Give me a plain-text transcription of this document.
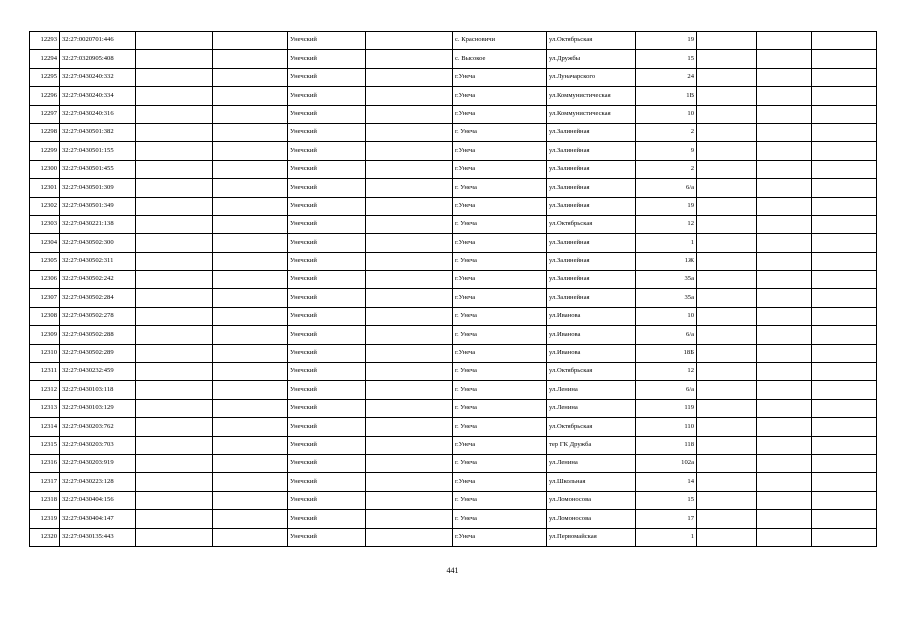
12293	32:27:0020701:446			Унечский		с. Красновичи	ул.Октябрьская	19			
12294	32:27:0320905:408			Унечский		с. Высокое	ул.Дружбы	15			
12295	32:27:0430240:332			Унечский		г.Унеча	ул.Луначарского	24			
12296	32:27:0430240:334			Унечский		г.Унеча	ул.Коммунистическая	1В			
12297	32:27:0430240:316			Унечский		г.Унеча	ул.Коммунистическая	10			
12298	32:27:0430501:382			Унечский		г. Унеча	ул.Залинейная	2			
12299	32:27:0430501:155			Унечский		г.Унеча	ул.Залинейная	9			
12300	32:27:0430501:455			Унечский		г.Унеча	ул.Залинейная	2			
12301	32:27:0430501:309			Унечский		г. Унеча	ул.Залинейная	6/а			
12302	32:27:0430501:349			Унечский		г.Унеча	ул.Залинейная	19			
12303	32:27:0430221:138			Унечский		г. Унеча	ул.Октябрьская	12			
12304	32:27:0430502:300			Унечский		г.Унеча	ул.Залинейная	1			
12305	32:27:0430502:311			Унечский		г. Унеча	ул.Залинейная	1Ж			
12306	32:27:0430502:242			Унечский		г.Унеча	ул.Залинейная	35а			
12307	32:27:0430502:284			Унечский		г.Унеча	ул.Залинейная	35а			
12308	32:27:0430502:278			Унечский		г. Унеча	ул.Иванова	10			
12309	32:27:0430502:288			Унечский		г. Унеча	ул.Иванова	6/а			
12310	32:27:0430502:289			Унечский		г.Унеча	ул.Иванова	18Б			
12311	32:27:0430232:459			Унечский		г. Унеча	ул.Октябрьская	12			
12312	32:27:0430103:118			Унечский		г. Унеча	ул.Ленина	6/а			
12313	32:27:0430103:129			Унечский		г. Унеча	ул.Ленина	119			
12314	32:27:0430203:762			Унечский		г. Унеча	ул.Октябрьская	110			
12315	32:27:0430203:703			Унечский		г.Унеча	тер ГК Дружба	118			
12316	32:27:0430203:919			Унечский		г. Унеча	ул.Ленина	102а			
12317	32:27:0430223:128			Унечский		г.Унеча	ул.Школьная	14			
12318	32:27:0430404:156			Унечский		г. Унеча	ул.Ломоносова	15			
12319	32:27:0430404:147			Унечский		г. Унеча	ул.Ломоносова	17			
12320	32:27:0430135:443			Унечский		г.Унеча	ул.Первомайская	1			
441
